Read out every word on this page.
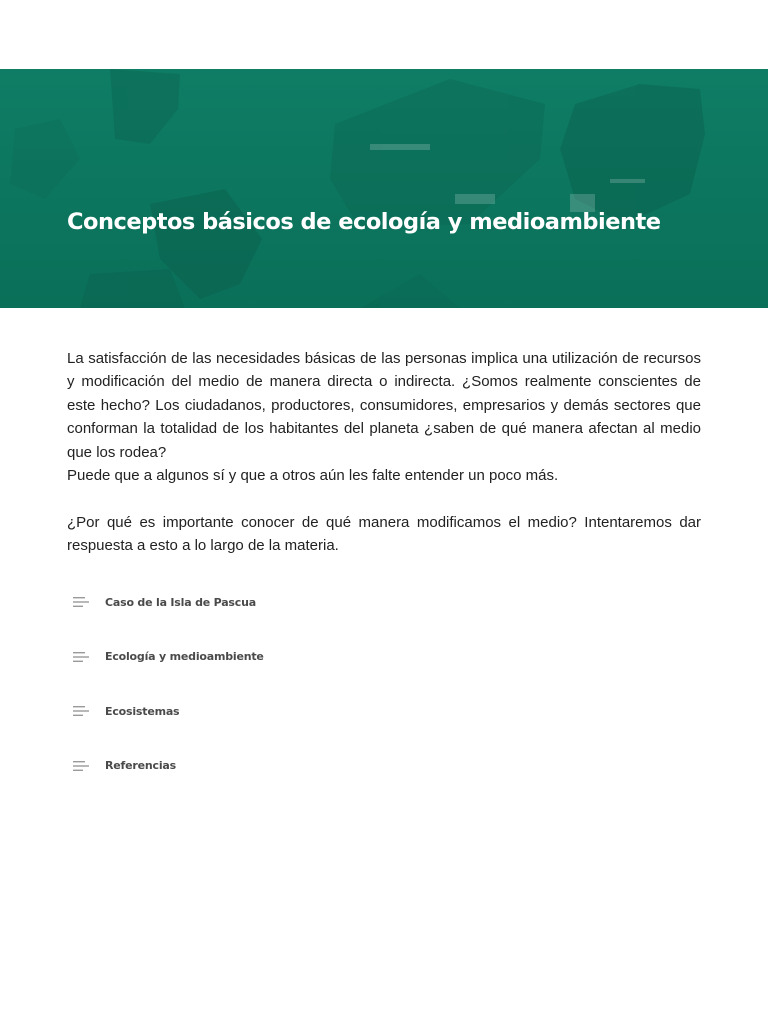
Conceptos básicos de ecología y medioambiente

La satisfacción de las necesidades básicas de las personas implica una utilización de recursos y modificación del medio de manera directa o indirecta. ¿Somos realmente conscientes de este hecho? Los ciudadanos, productores, consumidores, empresarios y demás sectores que conforman la totalidad de los habitantes del planeta ¿saben de qué manera afectan al medio que los rodea?

Puede que a algunos sí y que a otros aún les falte entender un poco más.

¿Por qué es importante conocer de qué manera modificamos el medio? Intentaremos dar respuesta a esto a lo largo de la materia.

Caso de la Isla de Pascua
Ecología y medioambiente
Ecosistemas
Referencias
